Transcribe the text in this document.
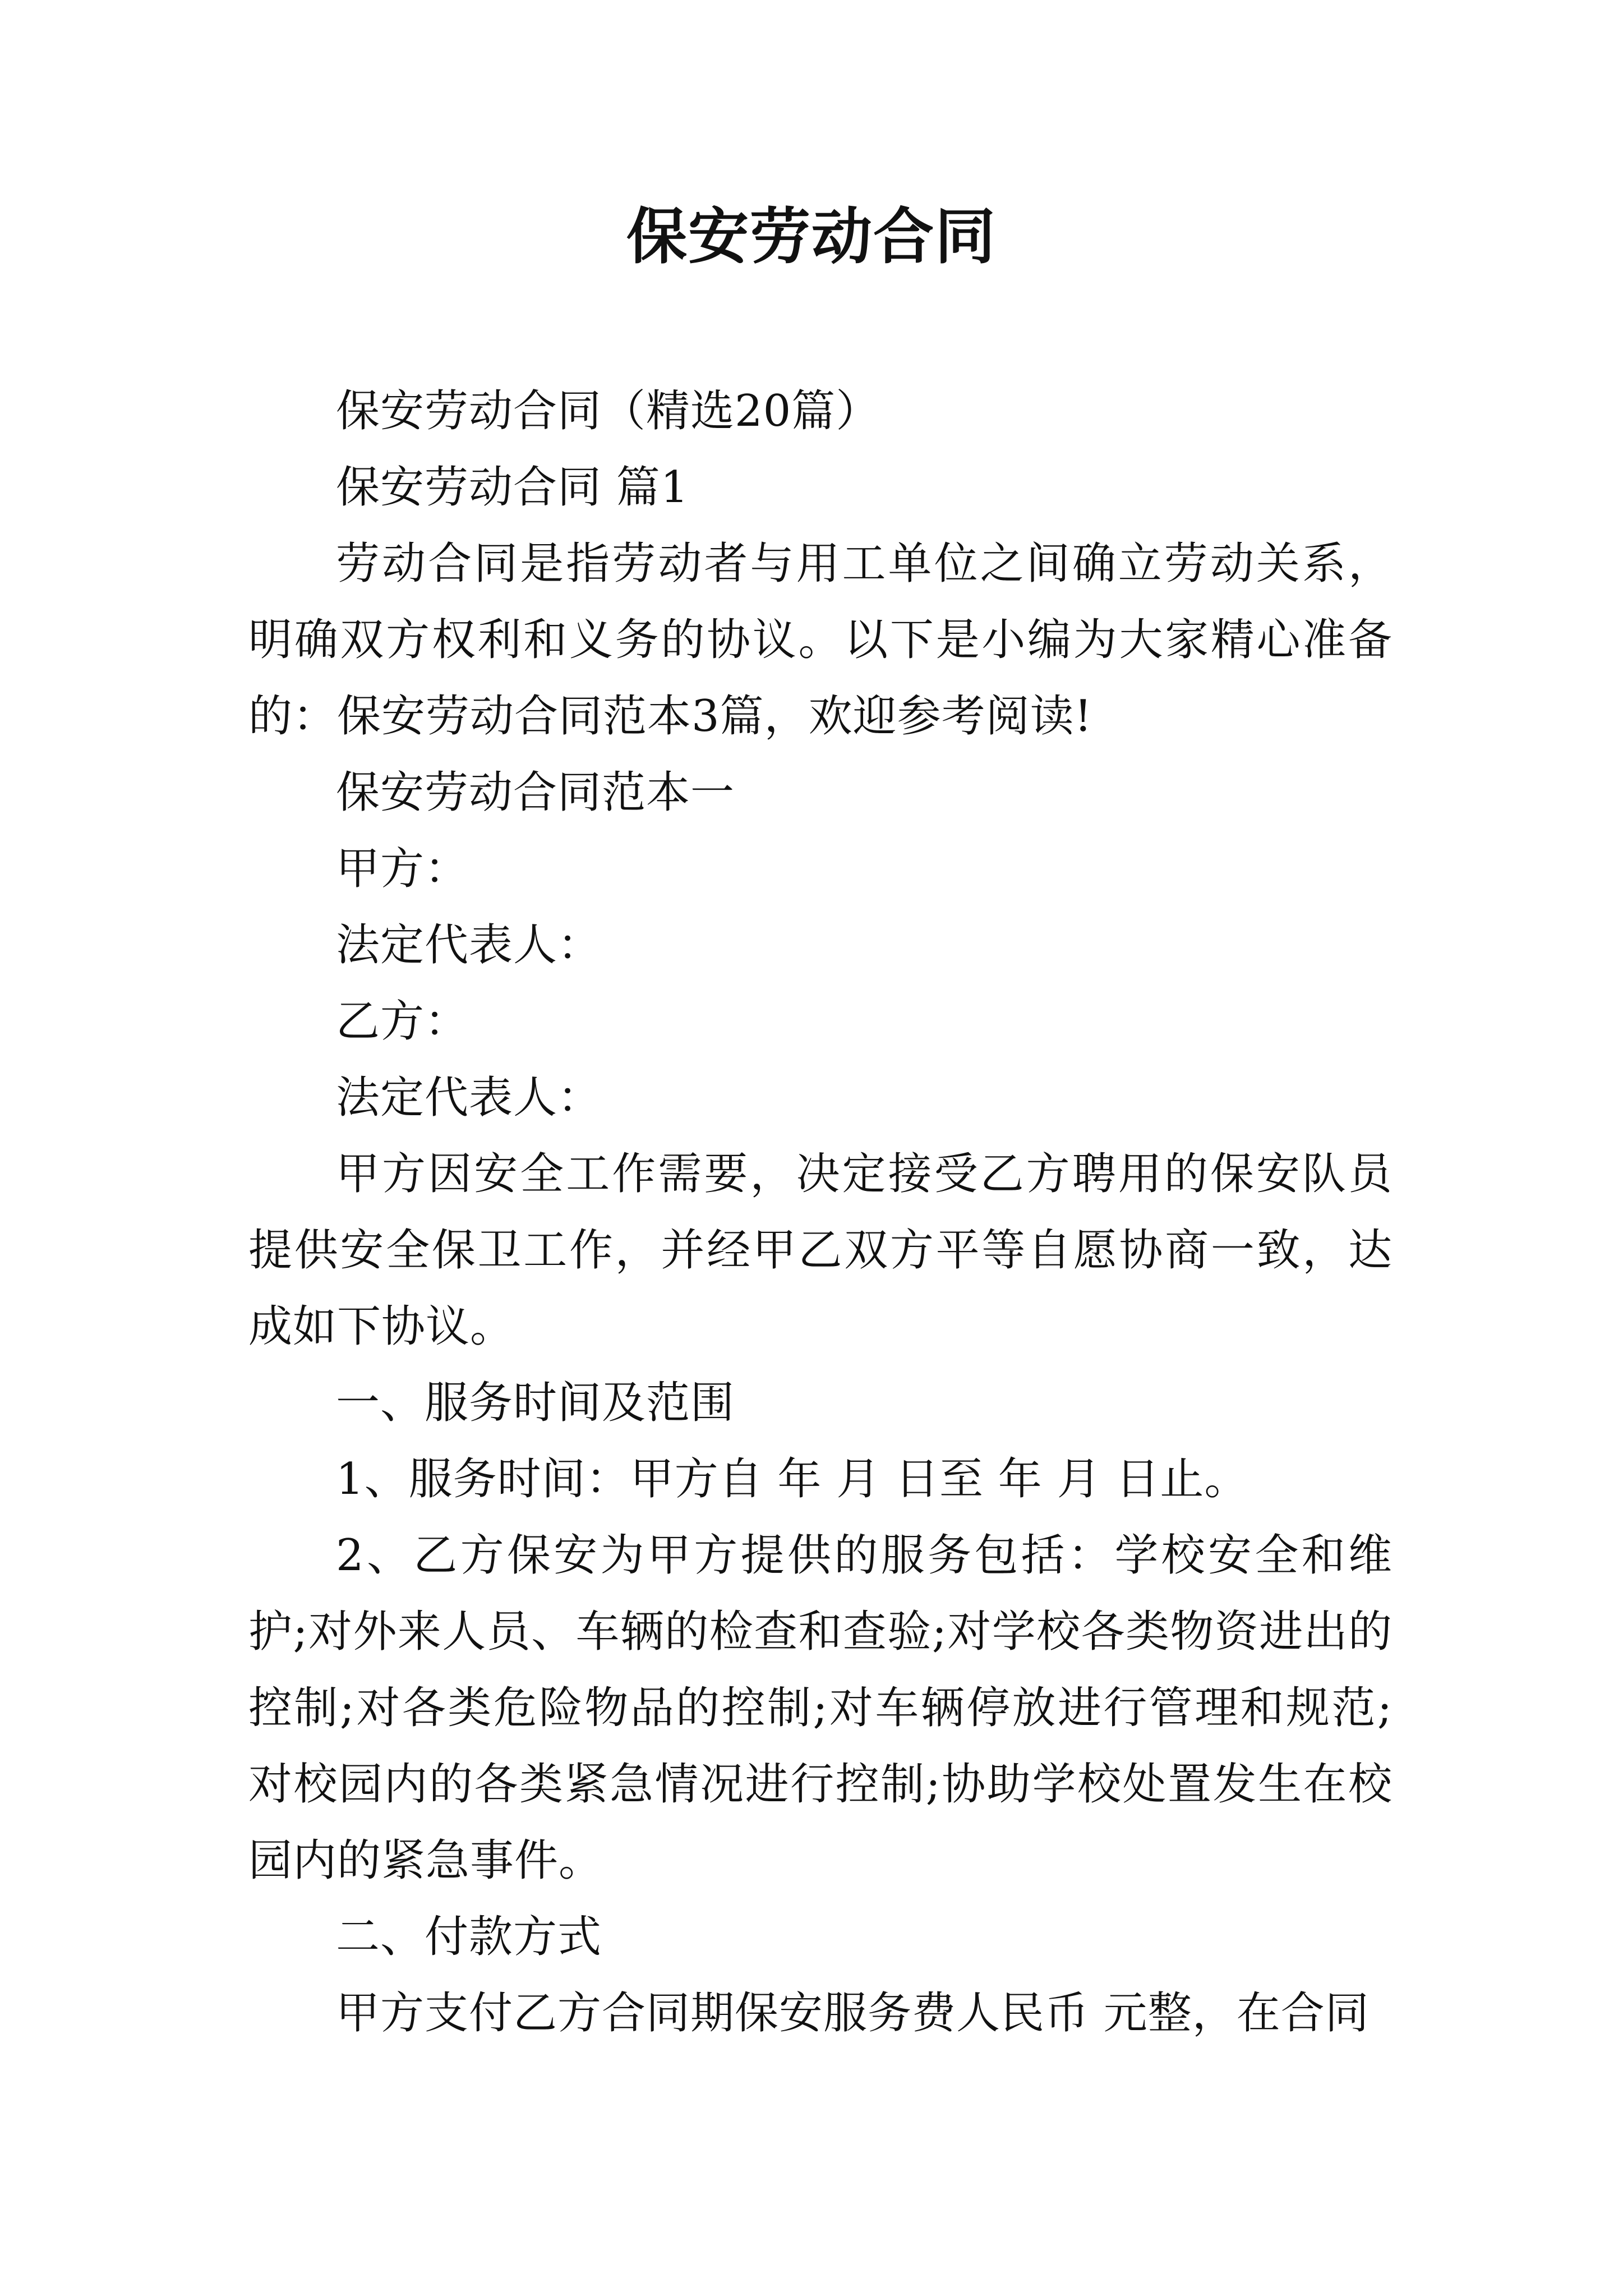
保安劳动合同

保安劳动合同（精选20篇）

保安劳动合同 篇1

劳动合同是指劳动者与用工单位之间确立劳动关系，明确双方权利和义务的协议。以下是小编为大家精心准备的：保安劳动合同范本3篇，欢迎参考阅读!

保安劳动合同范本一

甲方：

法定代表人：

乙方：

法定代表人：

甲方因安全工作需要，决定接受乙方聘用的保安队员提供安全保卫工作，并经甲乙双方平等自愿协商一致，达成如下协议。

一、服务时间及范围

1、服务时间：甲方自 年 月 日至 年 月 日止。

2、乙方保安为甲方提供的服务包括：学校安全和维护;对外来人员、车辆的检查和查验;对学校各类物资进出的控制;对各类危险物品的控制;对车辆停放进行管理和规范;对校园内的各类紧急情况进行控制;协助学校处置发生在校园内的紧急事件。

二、付款方式

甲方支付乙方合同期保安服务费人民币 元整，在合同
